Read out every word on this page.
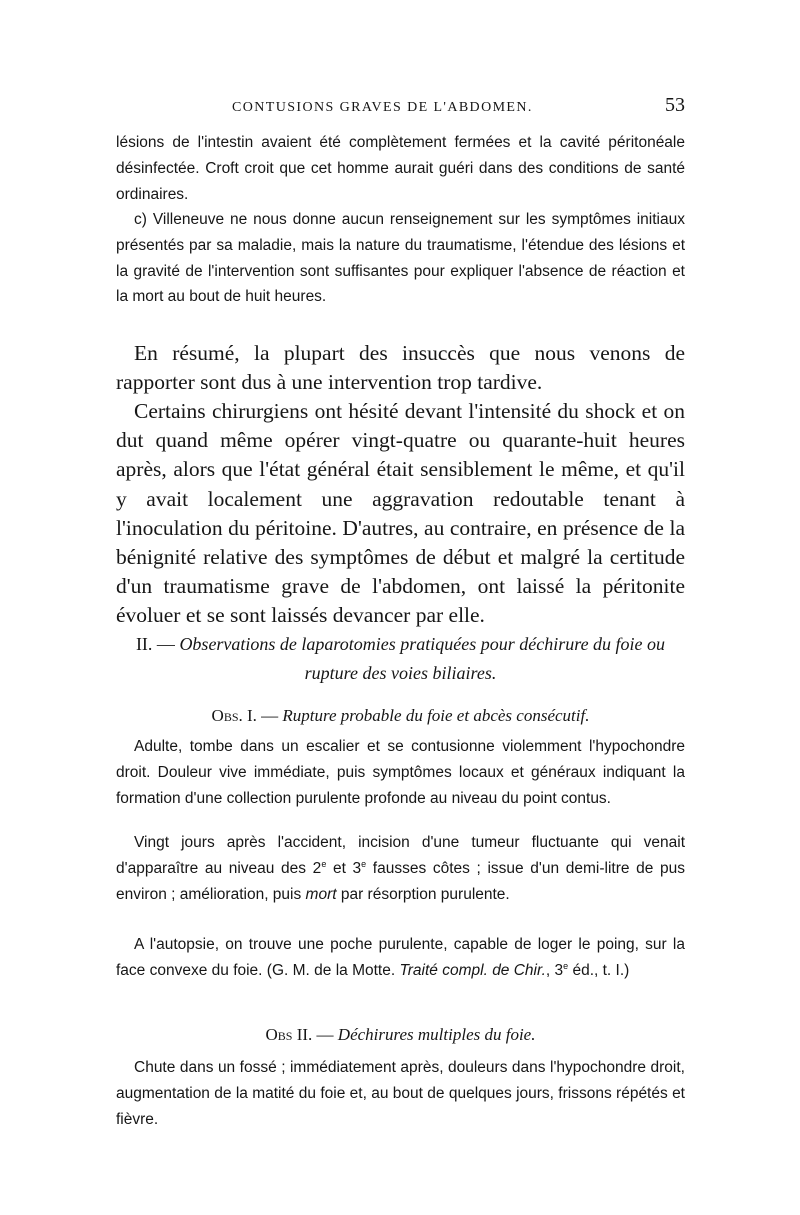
CONTUSIONS GRAVES DE L'ABDOMEN.	53

lésions de l'intestin avaient été complètement fermées et la cavité péritonéale désinfectée. Croft croit que cet homme aurait guéri dans des conditions de santé ordinaires.

c) Villeneuve ne nous donne aucun renseignement sur les symptômes initiaux présentés par sa maladie, mais la nature du traumatisme, l'étendue des lésions et la gravité de l'intervention sont suffisantes pour expliquer l'absence de réaction et la mort au bout de huit heures.

En résumé, la plupart des insuccès que nous venons de rapporter sont dus à une intervention trop tardive.

Certains chirurgiens ont hésité devant l'intensité du shock et on dut quand même opérer vingt-quatre ou quarante-huit heures après, alors que l'état général était sensiblement le même, et qu'il y avait localement une aggravation redoutable tenant à l'inoculation du péritoine. D'autres, au contraire, en présence de la bénignité relative des symptômes de début et malgré la certitude d'un traumatisme grave de l'abdomen, ont laissé la péritonite évoluer et se sont laissés devancer par elle.

II. — Observations de laparotomies pratiquées pour déchirure du foie ou rupture des voies biliaires.

Obs. I. — Rupture probable du foie et abcès consécutif.

Adulte, tombe dans un escalier et se contusionne violemment l'hypochondre droit. Douleur vive immédiate, puis symptômes locaux et généraux indiquant la formation d'une collection purulente profonde au niveau du point contus.

Vingt jours après l'accident, incision d'une tumeur fluctuante qui venait d'apparaître au niveau des 2e et 3e fausses côtes ; issue d'un demi-litre de pus environ ; amélioration, puis mort par résorption purulente.

A l'autopsie, on trouve une poche purulente, capable de loger le poing, sur la face convexe du foie. (G. M. de la Motte. Traité compl. de Chir., 3e éd., t. I.)

Obs II. — Déchirures multiples du foie.

Chute dans un fossé ; immédiatement après, douleurs dans l'hypochondre droit, augmentation de la matité du foie et, au bout de quelques jours, frissons répétés et fièvre.
